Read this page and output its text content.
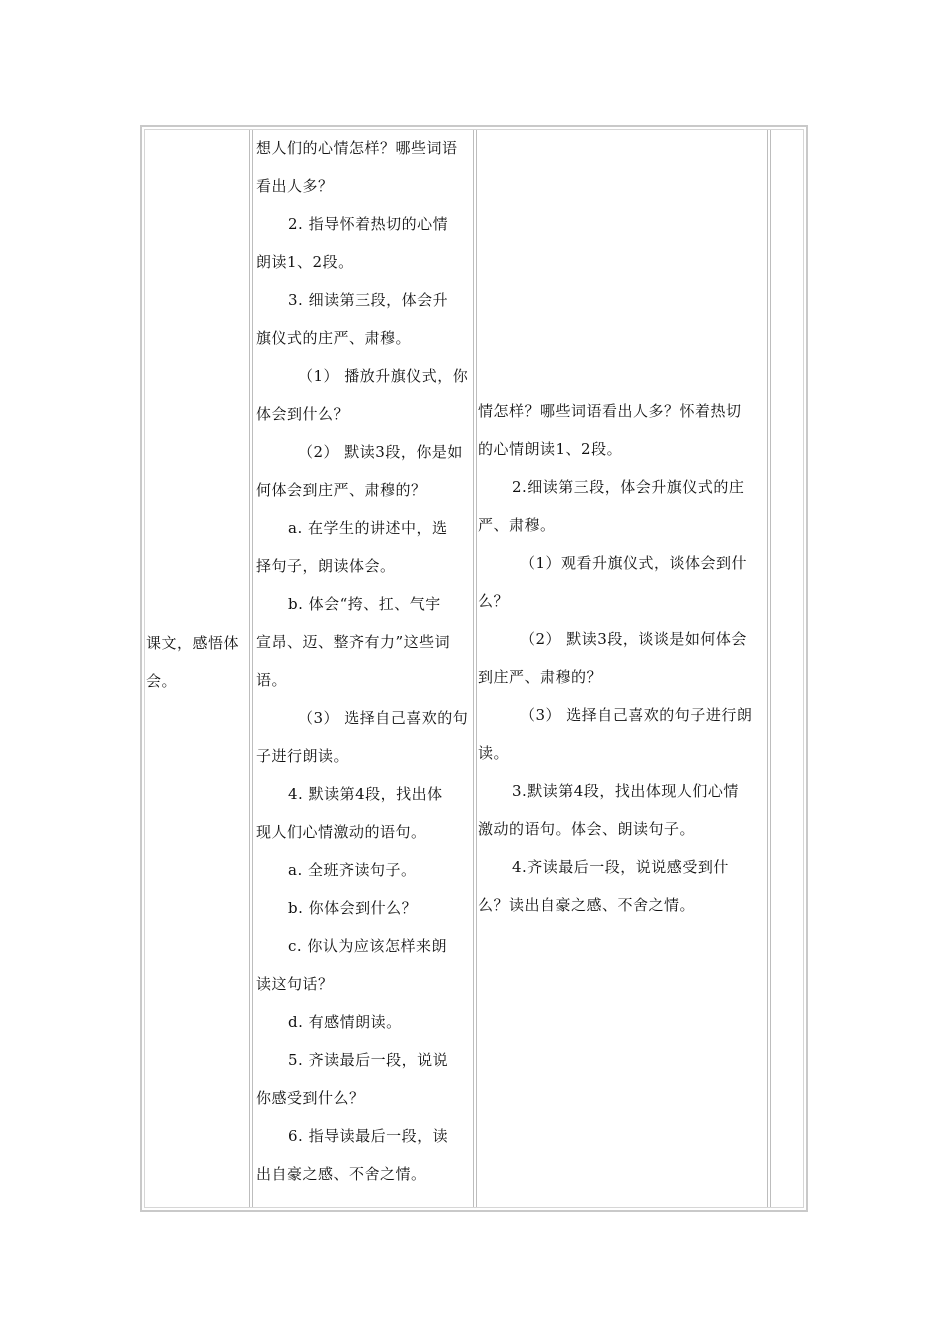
课文，感悟体会。

想人们的心情怎样？哪些词语

看出人多？

2. 指导怀着热切的心情

朗读1、2段。

3. 细读第三段，体会升

旗仪式的庄严、肃穆。

（1） 播放升旗仪式，你

体会到什么？

（2） 默读3段，你是如

何体会到庄严、肃穆的？

a. 在学生的讲述中，选

择句子，朗读体会。

b. 体会“挎、扛、气宇

宣昂、迈、整齐有力”这些词

语。

（3） 选择自己喜欢的句

子进行朗读。

4. 默读第4段，找出体

现人们心情激动的语句。

a. 全班齐读句子。

b. 你体会到什么？

c. 你认为应该怎样来朗

读这句话？

d. 有感情朗读。

5. 齐读最后一段，说说

你感受到什么？

6. 指导读最后一段，读

出自豪之感、不舍之情。

情怎样？哪些词语看出人多？怀着热切

的心情朗读1、2段。

2.细读第三段，体会升旗仪式的庄

严、肃穆。

（1）观看升旗仪式，谈体会到什

么？

（2） 默读3段，谈谈是如何体会

到庄严、肃穆的？

（3） 选择自己喜欢的句子进行朗

读。

3.默读第4段，找出体现人们心情

激动的语句。体会、朗读句子。

4.齐读最后一段，说说感受到什

么？读出自豪之感、不舍之情。
